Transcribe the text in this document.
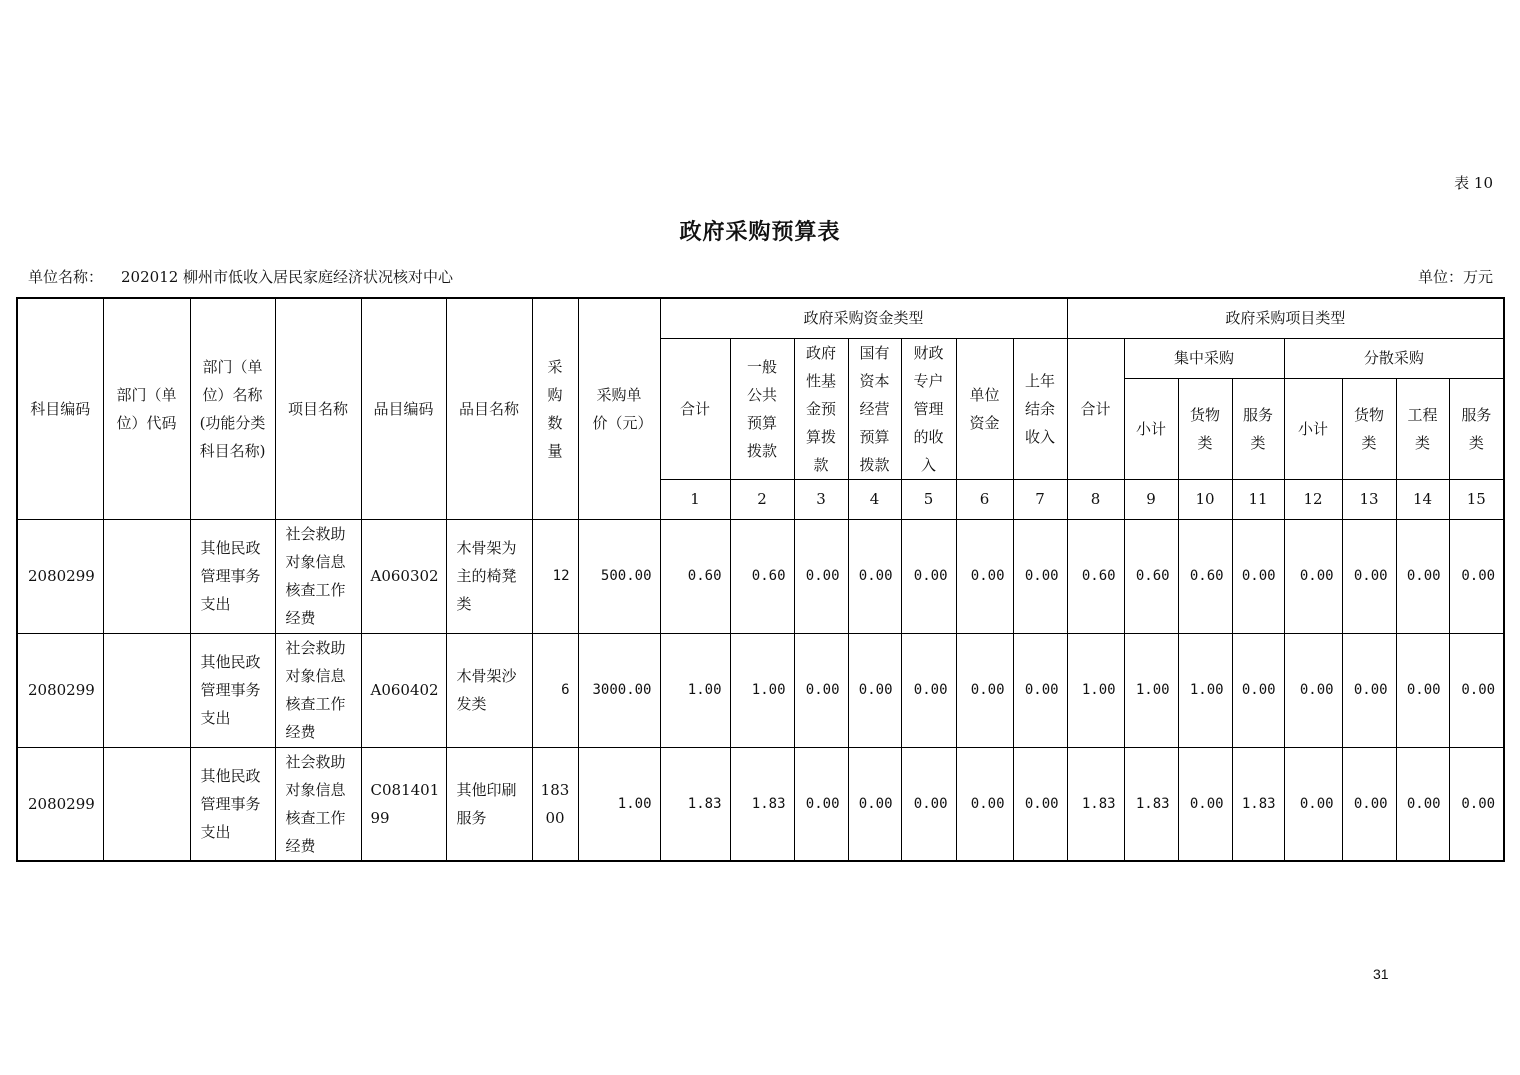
表 10
政府采购预算表
单位名称： 202012 柳州市低收入居民家庭经济状况核对中心	单位：万元
科目编码	部门（单位）代码	部门（单位）名称(功能分类科目名称)	项目名称	品目编码	品目名称	采购数量	采购单价（元）	政府采购资金类型							政府采购项目类型							
								合计	一般公共预算拨款	政府性基金预算拨款	国有资本经营预算拨款	财政专户管理的收入	单位资金	上年结余收入	合计	集中采购			分散采购			
																小计	货物类	服务类	小计	货物类	工程类	服务类
								1	2	3	4	5	6	7	8	9	10	11	12	13	14	15
2080299		其他民政管理事务支出	社会救助对象信息核查工作经费	A060302	木骨架为主的椅凳类	12	500.00	0.60	0.60	0.00	0.00	0.00	0.00	0.00	0.60	0.60	0.60	0.00	0.00	0.00	0.00	0.00
2080299		其他民政管理事务支出	社会救助对象信息核查工作经费	A060402	木骨架沙发类	6	3000.00	1.00	1.00	0.00	0.00	0.00	0.00	0.00	1.00	1.00	1.00	0.00	0.00	0.00	0.00	0.00
2080299		其他民政管理事务支出	社会救助对象信息核查工作经费	C08140199	其他印刷服务	18300	1.00	1.83	1.83	0.00	0.00	0.00	0.00	0.00	1.83	1.83	0.00	1.83	0.00	0.00	0.00	0.00
31
